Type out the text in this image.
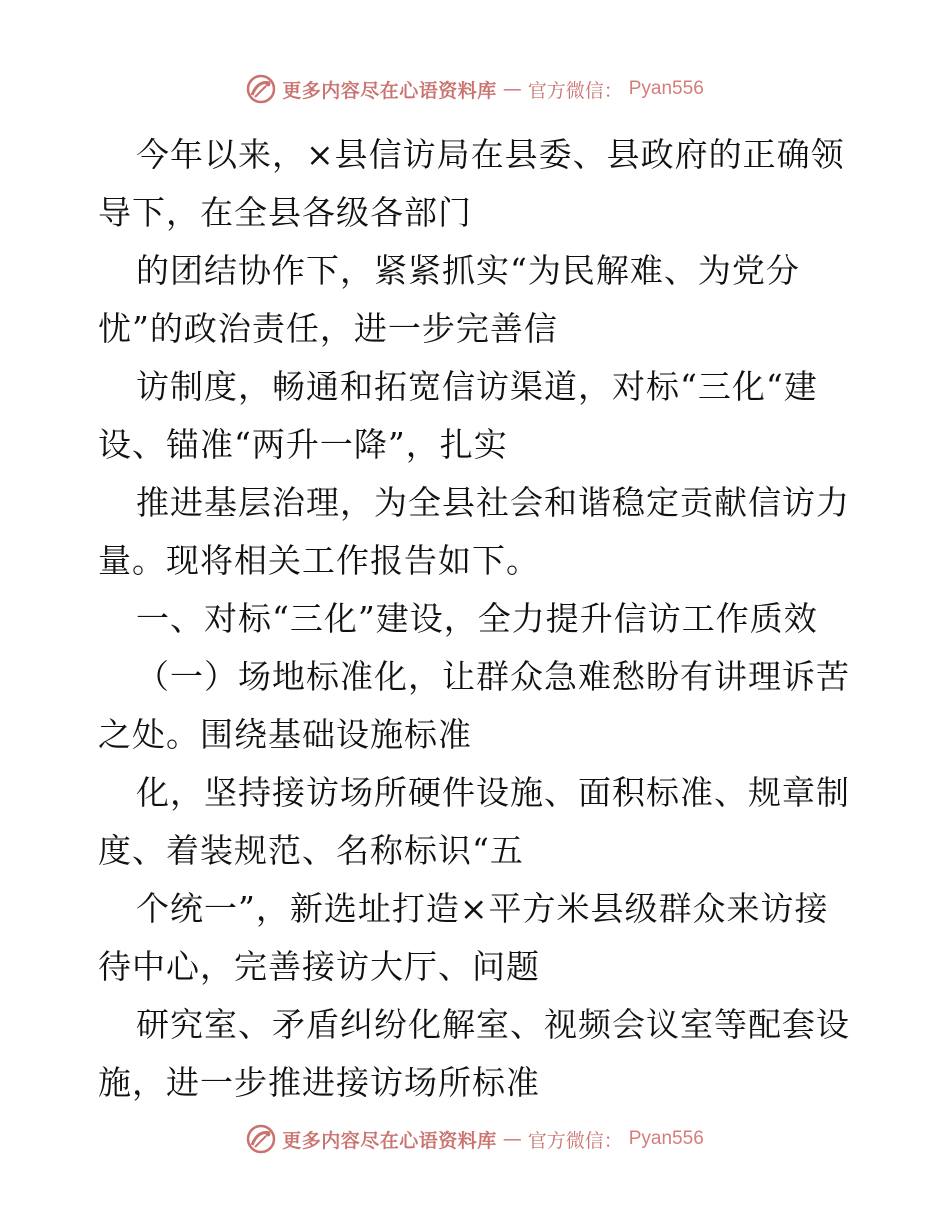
更多内容尽在心语资料库 — 官方微信： Pyan556
今年以来，×县信访局在县委、县政府的正确领
导下，在全县各级各部门
的团结协作下，紧紧抓实“为民解难、为党分
忧”的政治责任，进一步完善信
访制度，畅通和拓宽信访渠道，对标“三化“建
设、锚准“两升一降”，扎实
推进基层治理，为全县社会和谐稳定贡献信访力
量。现将相关工作报告如下。
一、对标“三化”建设，全力提升信访工作质效
（一）场地标准化，让群众急难愁盼有讲理诉苦
之处。围绕基础设施标准
化，坚持接访场所硬件设施、面积标准、规章制
度、着装规范、名称标识“五
个统一”，新选址打造×平方米县级群众来访接
待中心，完善接访大厅、问题
研究室、矛盾纠纷化解室、视频会议室等配套设
施，进一步推进接访场所标准
更多内容尽在心语资料库 — 官方微信： Pyan556
